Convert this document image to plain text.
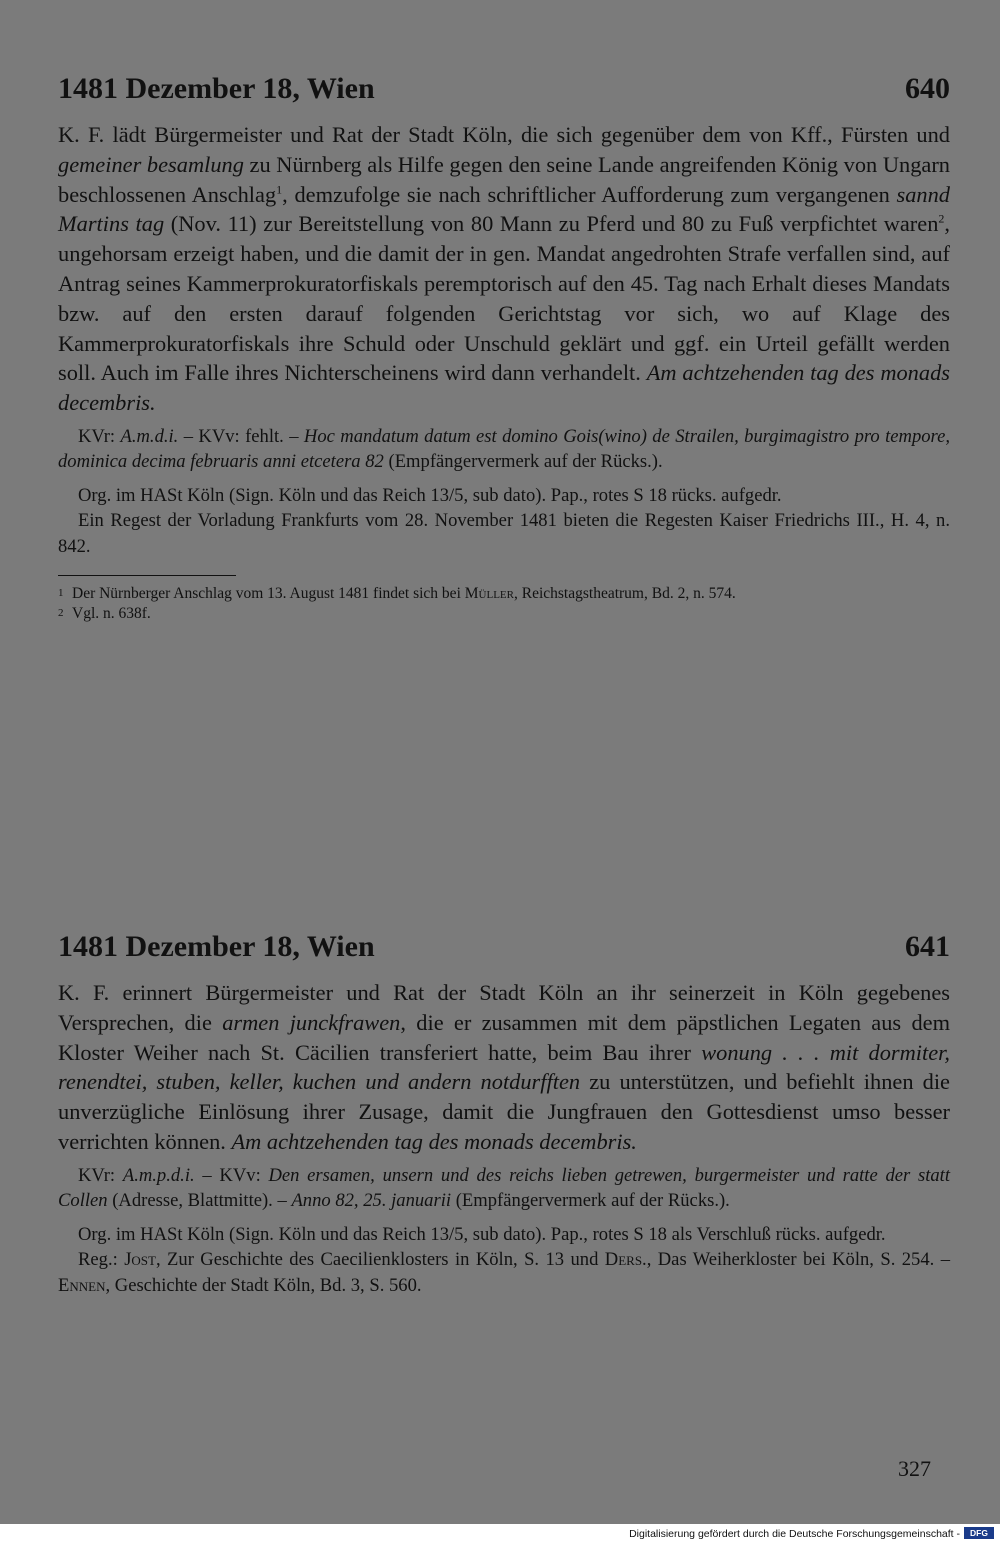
1481 Dezember 18, Wien	640
K. F. lädt Bürgermeister und Rat der Stadt Köln, die sich gegenüber dem von Kff., Fürsten und gemeiner besamlung zu Nürnberg als Hilfe gegen den seine Lande angreifenden König von Ungarn beschlossenen Anschlag$^1$, demzufolge sie nach schriftlicher Aufforderung zum vergangenen sannd Martins tag (Nov. 11) zur Bereitstellung von 80 Mann zu Pferd und 80 zu Fuß verpfichtet waren$^2$, ungehorsam erzeigt haben, und die damit der in gen. Mandat angedrohten Strafe verfallen sind, auf Antrag seines Kammerprokuratorfiskals peremptorisch auf den 45. Tag nach Erhalt dieses Mandats bzw. auf den ersten darauf folgenden Gerichtstag vor sich, wo auf Klage des Kammerprokuratorfiskals ihre Schuld oder Unschuld geklärt und ggf. ein Urteil gefällt werden soll. Auch im Falle ihres Nichterscheinens wird dann verhandelt. Am achtzehenden tag des monads decembris.

KVr: A.m.d.i. – KVv: fehlt. – Hoc mandatum datum est domino Gois(wino) de Strailen, burgimagistro pro tempore, dominica decima februaris anni etcetera 82 (Empfängervermerk auf der Rücks.).

Org. im HASt Köln (Sign. Köln und das Reich 13/5, sub dato). Pap., rotes S 18 rücks. aufgedr.

Ein Regest der Vorladung Frankfurts vom 28. November 1481 bieten die Regesten Kaiser Friedrichs III., H. 4, n. 842.

1 Der Nürnberger Anschlag vom 13. August 1481 findet sich bei Müller, Reichstagstheatrum, Bd. 2, n. 574.
2 Vgl. n. 638f.
1481 Dezember 18, Wien	641
K. F. erinnert Bürgermeister und Rat der Stadt Köln an ihr seinerzeit in Köln gegebenes Versprechen, die armen junckfrawen, die er zusammen mit dem päpstlichen Legaten aus dem Kloster Weiher nach St. Cäcilien transferiert hatte, beim Bau ihrer wonung . . . mit dormiter, renendtei, stuben, keller, kuchen und andern notdurfften zu unterstützen, und befiehlt ihnen die unverzügliche Einlösung ihrer Zusage, damit die Jungfrauen den Gottesdienst umso besser verrichten können. Am achtzehenden tag des monads decembris.

KVr: A.m.p.d.i. – KVv: Den ersamen, unsern und des reichs lieben getrewen, burgermeister und ratte der statt Collen (Adresse, Blattmitte). – Anno 82, 25. januarii (Empfängervermerk auf der Rücks.).

Org. im HASt Köln (Sign. Köln und das Reich 13/5, sub dato). Pap., rotes S 18 als Verschluß rücks. aufgedr.

Reg.: Jost, Zur Geschichte des Caecilienklosters in Köln, S. 13 und Ders., Das Weiherkloster bei Köln, S. 254. – Ennen, Geschichte der Stadt Köln, Bd. 3, S. 560.

327
Digitalisierung gefördert durch die Deutsche Forschungsgemeinschaft -	DFG
